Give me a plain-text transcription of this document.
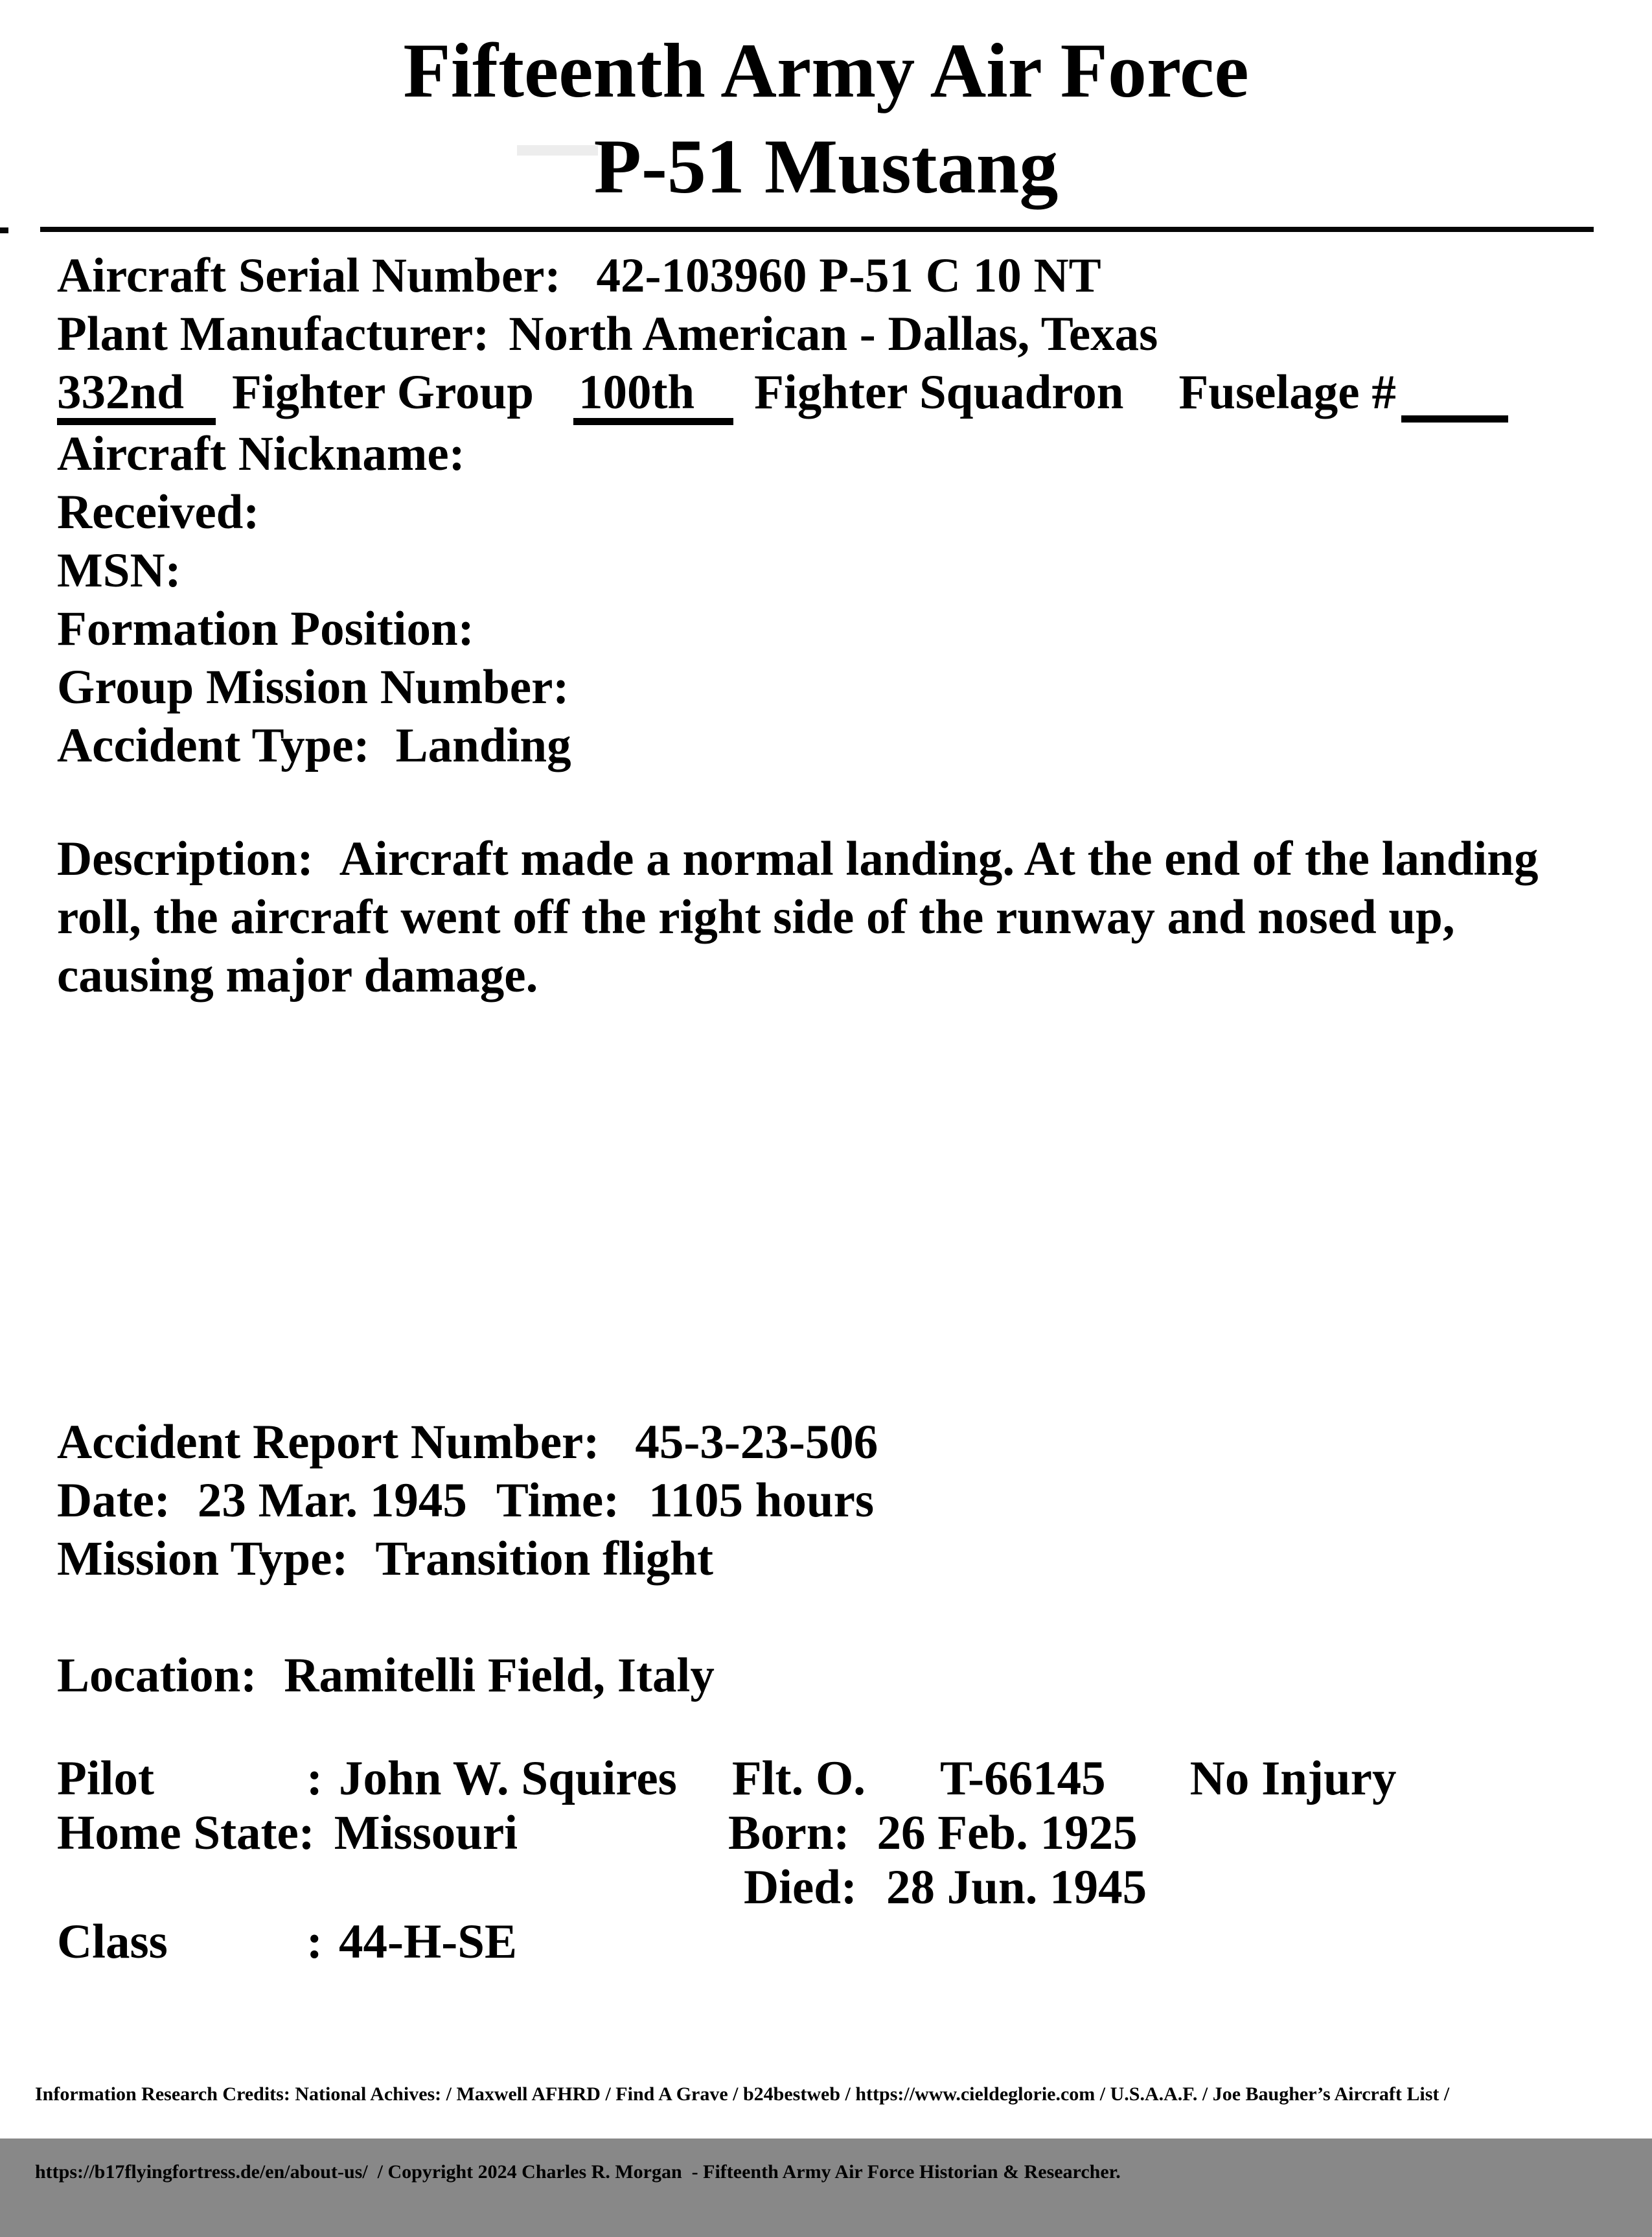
Fifteenth Army Air Force
P-51 Mustang
Aircraft Serial Number: 42-103960 P-51 C 10 NT
Plant Manufacturer: North American - Dallas, Texas
332nd Fighter Group 100th Fighter Squadron Fuselage #
Aircraft Nickname:
Received:
MSN:
Formation Position:
Group Mission Number:
Accident Type: Landing
Description: Aircraft made a normal landing. At the end of the landing
roll, the aircraft went off the right side of the runway and nosed up,
causing major damage.
Accident Report Number: 45-3-23-506
Date: 23 Mar. 1945 Time: 1105 hours
Mission Type: Transition flight
Location: Ramitelli Field, Italy
Pilot	: John W. Squires Flt. O. T-66145 No Injury
Home State: Missouri	Born: 26 Feb. 1925
Died: 28 Jun. 1945
Class	: 44-H-SE

Information Research Credits: National Achives: / Maxwell AFHRD / Find A Grave / b24bestweb / https://www.cieldeglorie.com / U.S.A.A.F. / Joe Baugher’s Aircraft List /

https://b17flyingfortress.de/en/about-us/  / Copyright 2024 Charles R. Morgan  - Fifteenth Army Air Force Historian & Researcher.
